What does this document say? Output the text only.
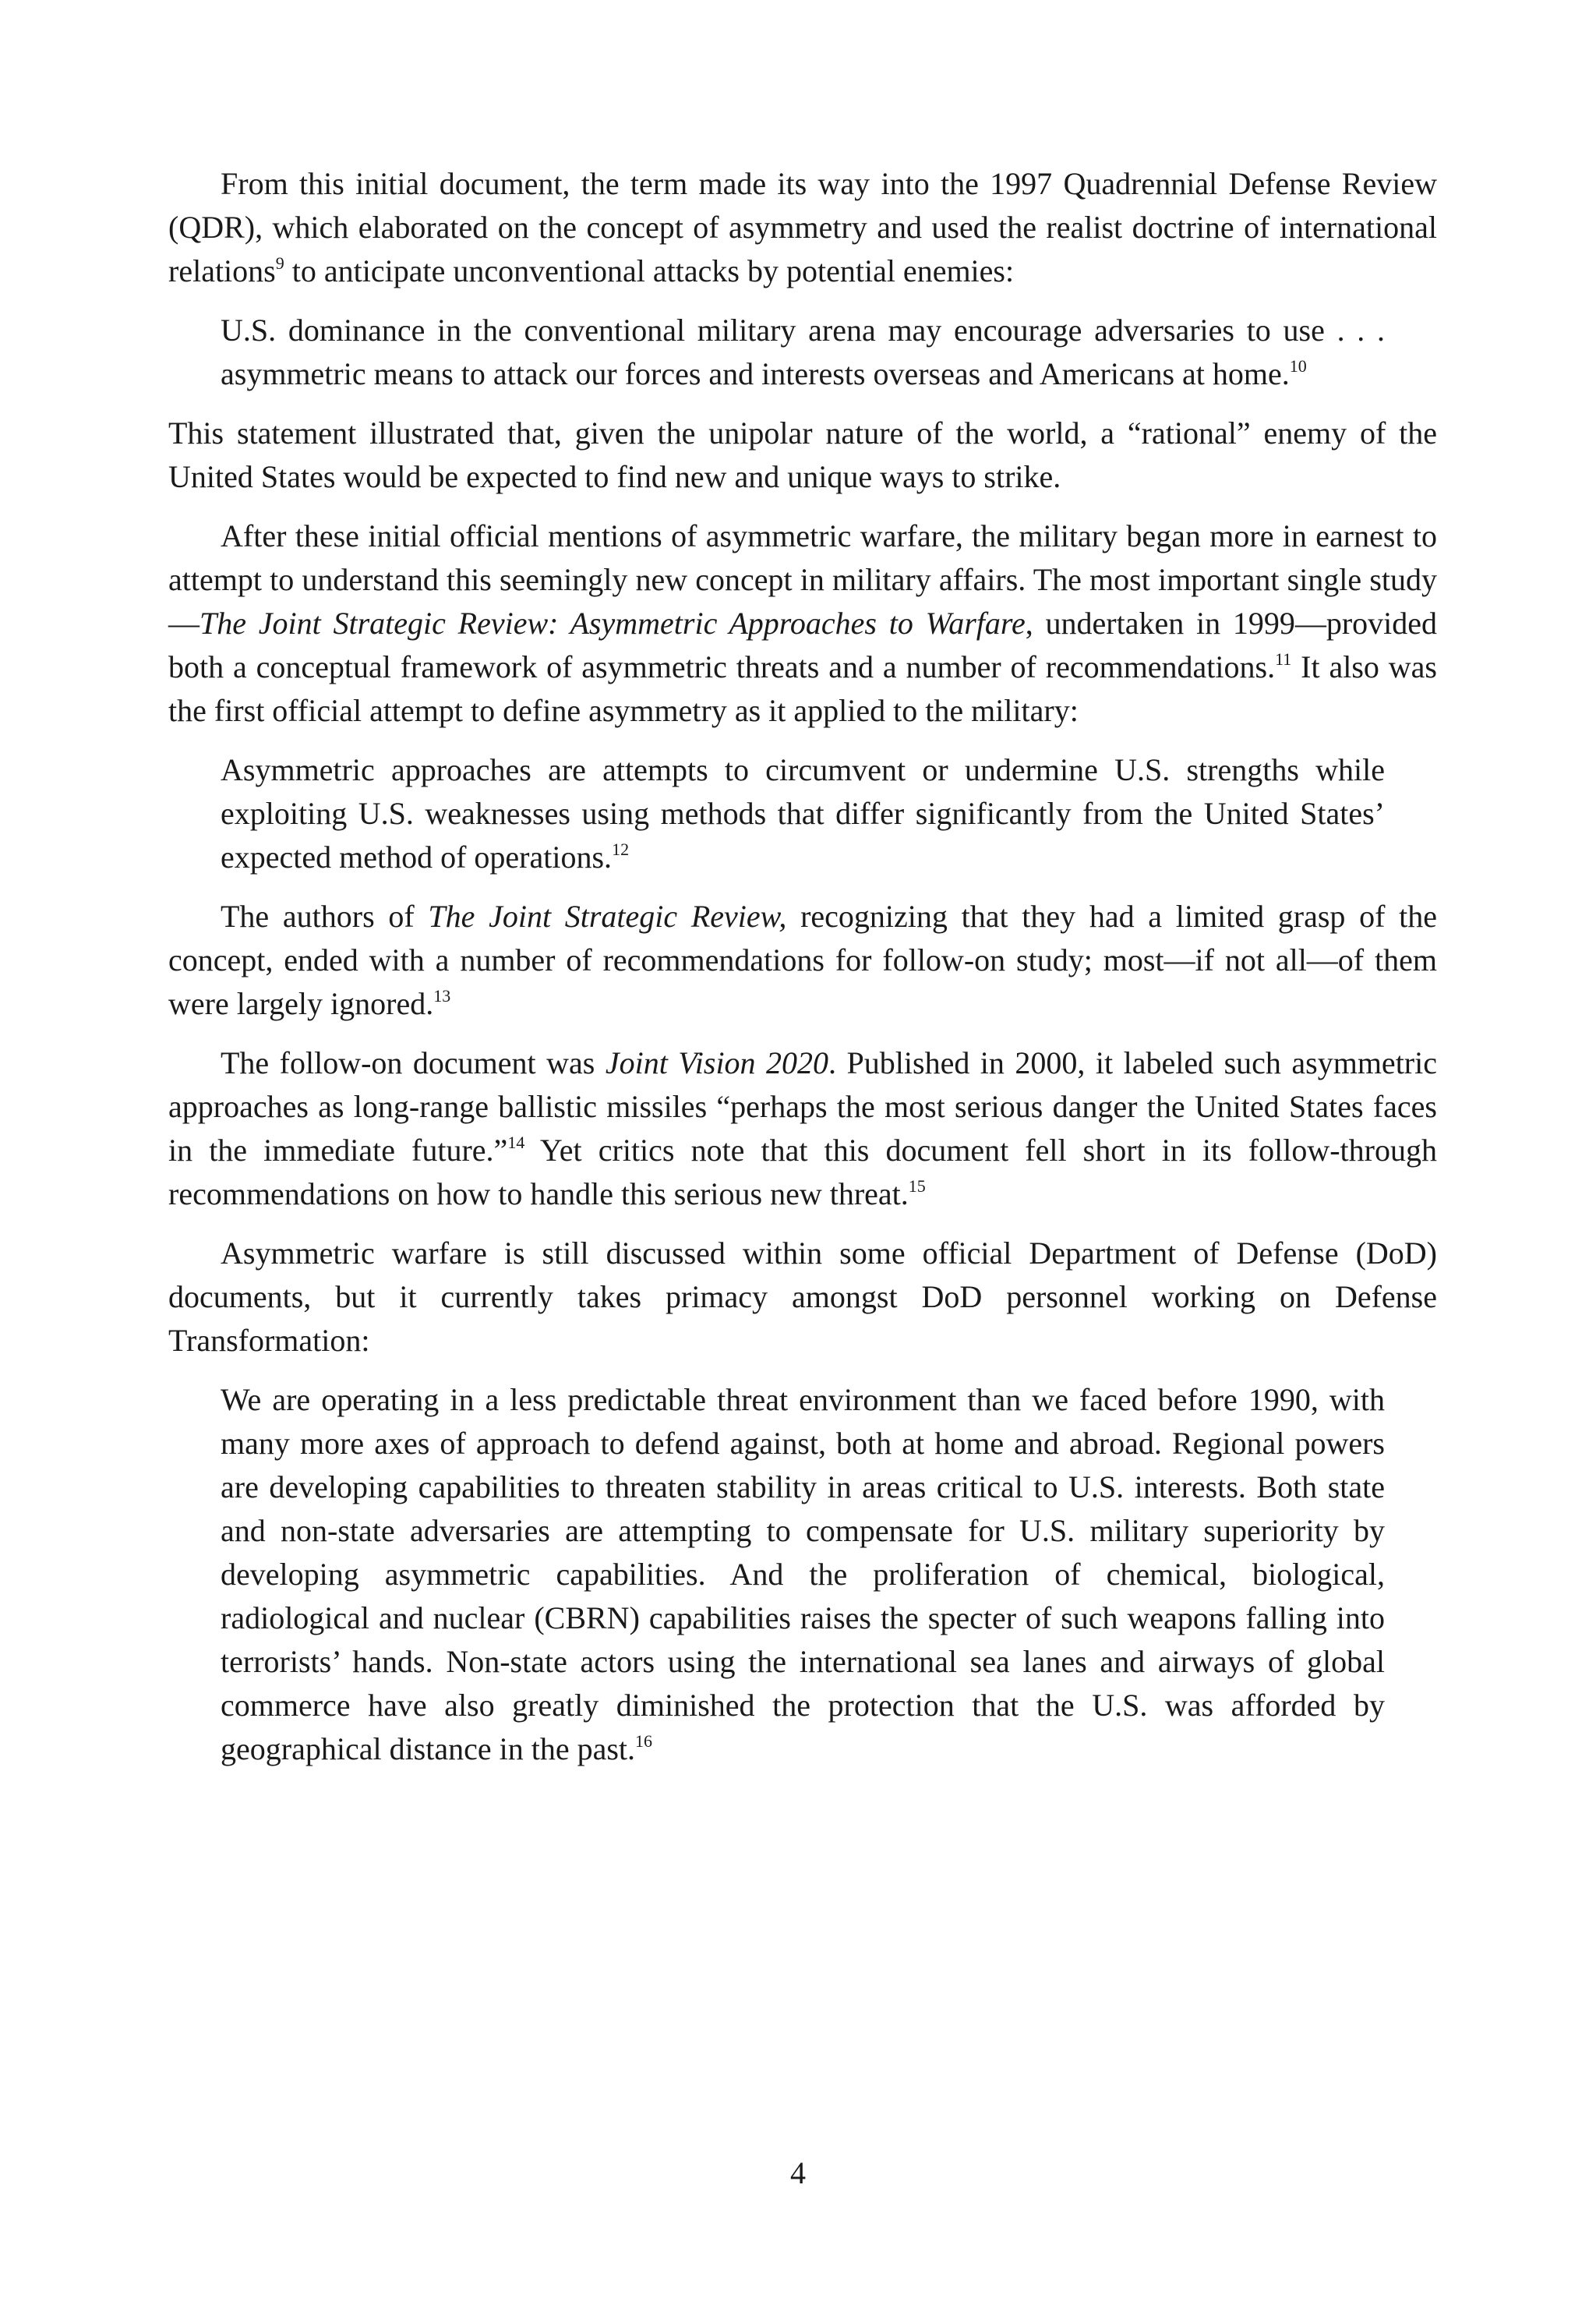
From this initial document, the term made its way into the 1997 Quadrennial Defense Review (QDR), which elaborated on the concept of asymmetry and used the realist doctrine of international relations$^9$ to anticipate unconventional attacks by potential enemies:

U.S. dominance in the conventional military arena may encourage adversaries to use . . . asymmetric means to attack our forces and interests overseas and Americans at home.$^{10}$

This statement illustrated that, given the unipolar nature of the world, a “rational” enemy of the United States would be expected to find new and unique ways to strike.

After these initial official mentions of asymmetric warfare, the military began more in earnest to attempt to understand this seemingly new concept in military affairs. The most important single study—The Joint Strategic Review: Asymmetric Approaches to Warfare, undertaken in 1999—provided both a conceptual framework of asymmetric threats and a number of recommendations.$^{11}$ It also was the first official attempt to define asymmetry as it applied to the military:

Asymmetric approaches are attempts to circumvent or undermine U.S. strengths while exploiting U.S. weaknesses using methods that differ significantly from the United States’ expected method of operations.$^{12}$

The authors of The Joint Strategic Review, recognizing that they had a limited grasp of the concept, ended with a number of recommendations for follow-on study; most—if not all—of them were largely ignored.$^{13}$

The follow-on document was Joint Vision 2020. Published in 2000, it labeled such asymmetric approaches as long-range ballistic missiles “perhaps the most serious danger the United States faces in the immediate future.”$^{14}$ Yet critics note that this document fell short in its follow-through recommendations on how to handle this serious new threat.$^{15}$

Asymmetric warfare is still discussed within some official Department of Defense (DoD) documents, but it currently takes primacy amongst DoD personnel working on Defense Transformation:

We are operating in a less predictable threat environment than we faced before 1990, with many more axes of approach to defend against, both at home and abroad. Regional powers are developing capabilities to threaten stability in areas critical to U.S. interests. Both state and non-state adversaries are attempting to compensate for U.S. military superiority by developing asymmetric capabilities. And the proliferation of chemical, biological, radiological and nuclear (CBRN) capabilities raises the specter of such weapons falling into terrorists’ hands. Non-state actors using the international sea lanes and airways of global commerce have also greatly diminished the protection that the U.S. was afforded by geographical distance in the past.$^{16}$

4
